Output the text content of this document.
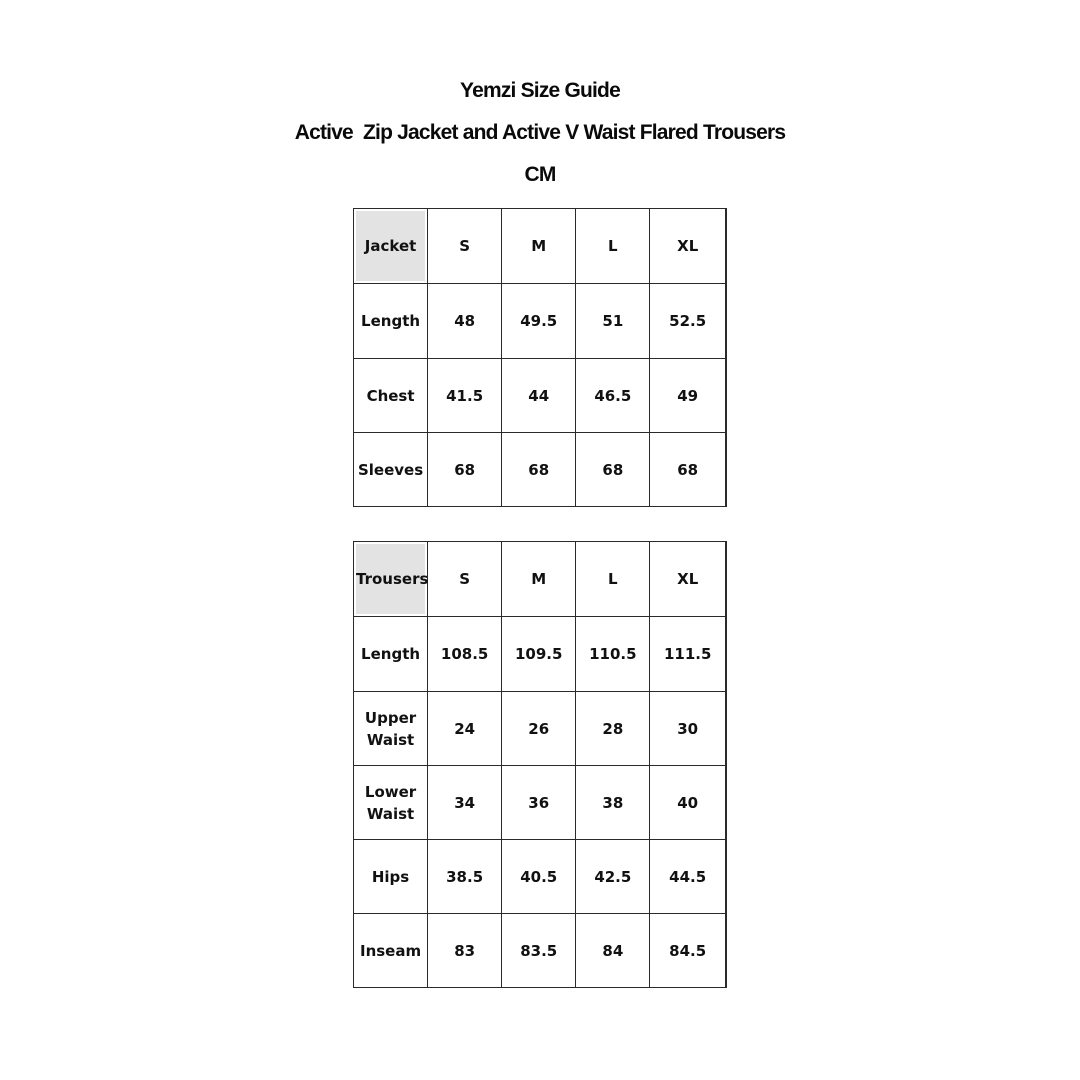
Yemzi Size Guide
Active  Zip Jacket and Active V Waist Flared Trousers
CM
Jacket	S	M	L	XL
Length	48	49.5	51	52.5
Chest	41.5	44	46.5	49
Sleeves	68	68	68	68
Trousers	S	M	L	XL
Length	108.5	109.5	110.5	111.5
Upper Waist	24	26	28	30
Lower Waist	34	36	38	40
Hips	38.5	40.5	42.5	44.5
Inseam	83	83.5	84	84.5
